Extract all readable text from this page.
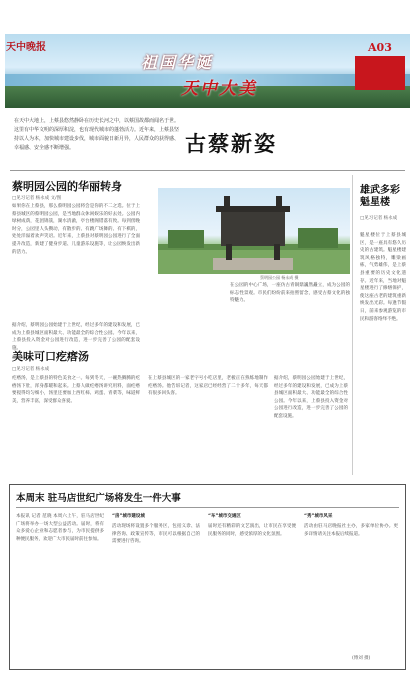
天中晚报
祖国华诞
天中大美
A03

在天中大地上，上蔡县悠然静卧在历史长河之中，以蔡国故都而闻名于世。这里有中华文明的深厚积淀，也有现代城市的蓬勃活力。近年来，上蔡县坚持以人为本，加快城市建设步伐，城市面貌日新月异，人民群众的获得感、幸福感、安全感不断增强。	古蔡新姿
蔡明园公园的华丽转身
□见习记者 杨永成 文/图
如果你在上蔡县，那么蔡明园公园将会是你的不二之选。位于上蔡县城区的蔡明园公园，是当地群众休闲娱乐的好去处。公园内绿树成荫，花团锦簇，湖水清澈，亭台楼阁错落有致。每到傍晚时分，公园里人头攒动，有散步的、有跳广场舞的、有下棋的，处处洋溢着欢声笑语。近年来，上蔡县对蔡明园公园进行了全面提升改造，新建了健身步道、儿童游乐设施等，让公园焕发出新的活力。
据介绍，蔡明园公园始建于上世纪，经过多年的建设和发展，已成为上蔡县城区面积最大、功能最全的综合性公园。今年以来，上蔡县投入资金对公园进行改造，进一步完善了公园的配套设施。
在公园的中心广场，一座仿古青铜鼎巍然矗立，成为公园的标志性景观。市民们纷纷前来拍照留念，感受古蔡文化的独特魅力。
蔡明园公园 杨永成 摄
雄武多彩魁星楼
□见习记者 杨永成
魁星楼位于上蔡县城区，是一座具有悠久历史的古建筑。魁星楼建筑风格独特，雕梁画栋，气势雄伟，是上蔡县重要的历史文化遗存。近年来，当地对魁星楼进行了修缮保护，使这座古老的建筑重新焕发出光彩。每逢节假日，前来参观游览的市民和游客络绎不绝。
美味可口疙瘩汤
□见习记者 杨永成
疙瘩汤，是上蔡县的特色美食之一。每到冬天，一碗热腾腾的疙瘩汤下肚，浑身都暖和起来。上蔡人做疙瘩汤讲究用料，面疙瘩要搅得均匀细小，汤里还要加上西红柿、鸡蛋、青菜等，味道鲜美，营养丰富，深受群众喜爱。
在上蔡县城区的一家老字号小吃店里，老板正在熟练地制作疙瘩汤。他告诉记者，这家店已经经营了二十多年，每天都有很多回头客。
据介绍，蔡明园公园始建于上世纪，经过多年的建设和发展，已成为上蔡县城区面积最大、功能最全的综合性公园。今年以来，上蔡县投入资金对公园进行改造，进一步完善了公园的配套设施。
本周末 驻马店世纪广场将发生一件大事
本报讯 记者 范晓 本周六上午，驻马店世纪广场将举办一场大型公益活动。届时，将有众多爱心企业和志愿者参与，为市民提供多种便民服务，欢迎广大市民届时前往参加。
“房”城市建设城
活动现场将设置多个服务区，包括义诊、法律咨询、政策宣传等，市民可以根据自己的需要进行咨询。
“车”城市交通区
届时还有精彩的文艺演出，让市民在享受便民服务的同时，感受浓厚的文化氛围。
“秀”城市风采
活动由驻马店晚报社主办，多家单位协办。更多详情请关注本报后续报道。
(傅刘 摄)
